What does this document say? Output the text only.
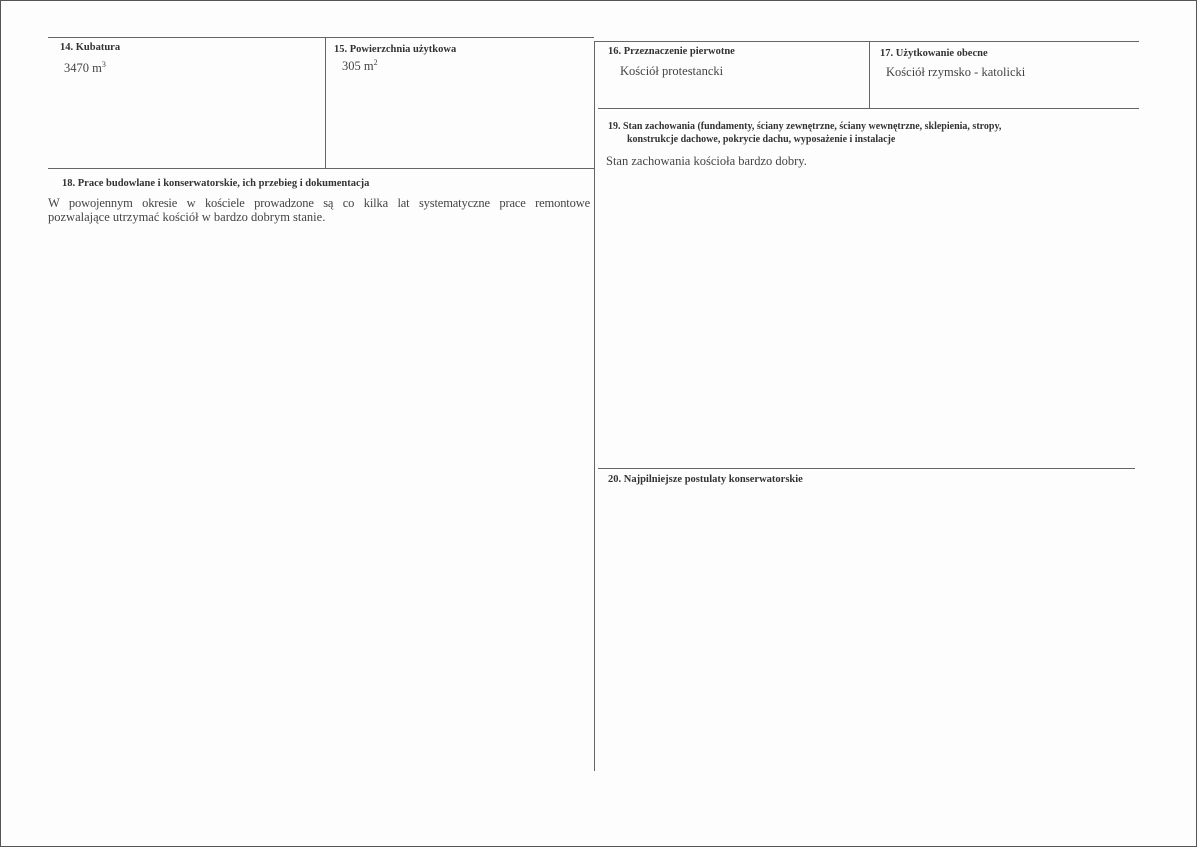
14. Kubatura
3470 $m^3$
15. Powierzchnia użytkowa
305 $m^2$
16. Przeznaczenie pierwotne
Kościół protestancki
17. Użytkowanie obecne
Kościół rzymsko - katolicki
18. Prace budowlane i konserwatorskie, ich przebieg i dokumentacja
W powojennym okresie w kościele prowadzone są co kilka lat systematyczne prace remontowe
pozwalające utrzymać kościół w bardzo dobrym stanie.
19. Stan zachowania (fundamenty, ściany zewnętrzne, ściany wewnętrzne, sklepienia, stropy,
konstrukcje dachowe, pokrycie dachu, wyposażenie i instalacje
Stan zachowania kościoła bardzo dobry.
20. Najpilniejsze postulaty konserwatorskie
